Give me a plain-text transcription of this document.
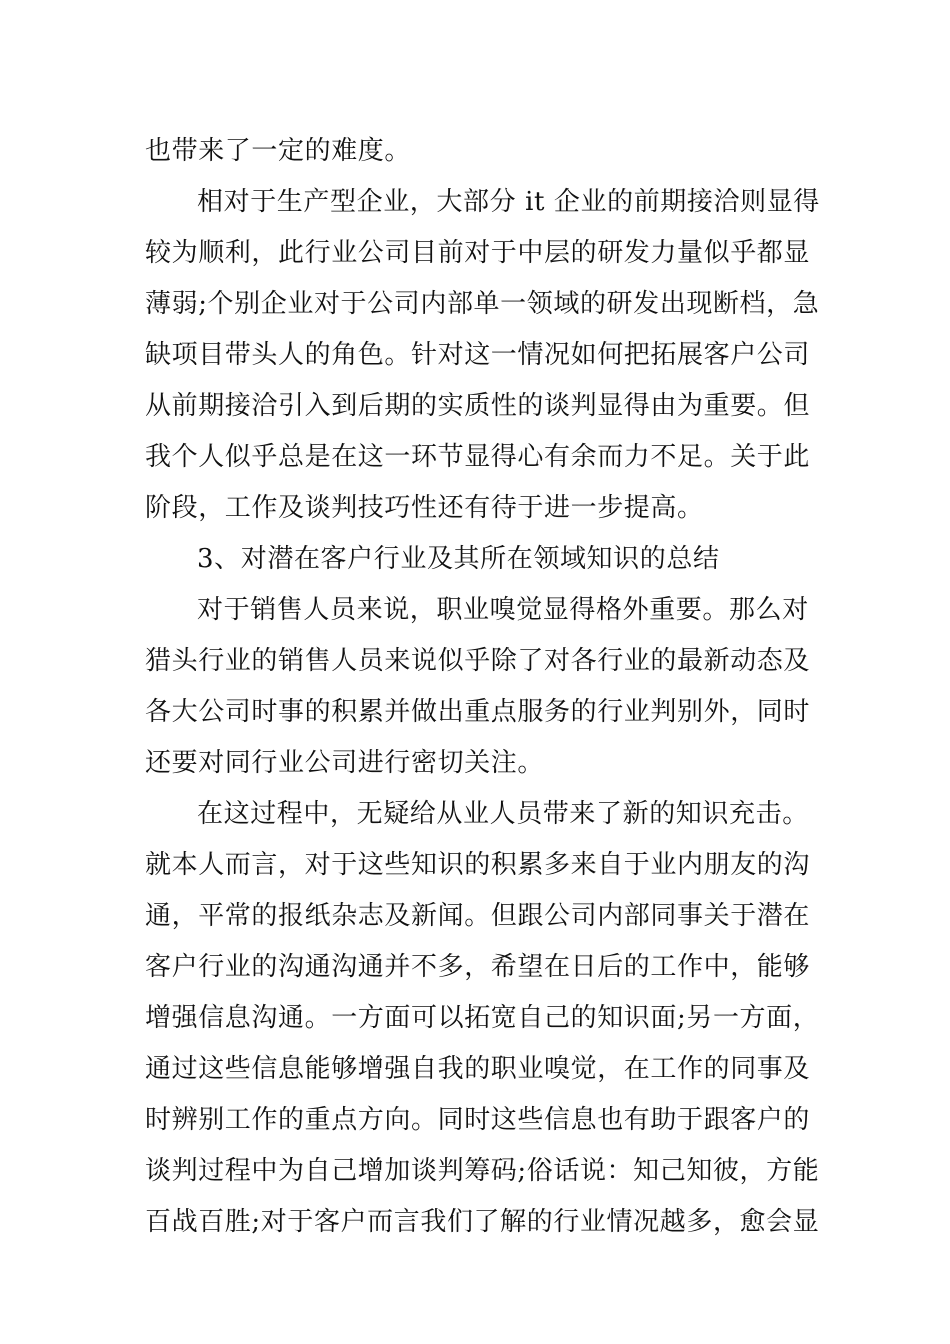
也带来了一定的难度。
相对于生产型企业，大部分 it 企业的前期接洽则显得
较为顺利，此行业公司目前对于中层的研发力量似乎都显
薄弱;个别企业对于公司内部单一领域的研发出现断档，急
缺项目带头人的角色。针对这一情况如何把拓展客户公司
从前期接洽引入到后期的实质性的谈判显得由为重要。但
我个人似乎总是在这一环节显得心有余而力不足。关于此
阶段，工作及谈判技巧性还有待于进一步提高。
3、对潜在客户行业及其所在领域知识的总结
对于销售人员来说，职业嗅觉显得格外重要。那么对
猎头行业的销售人员来说似乎除了对各行业的最新动态及
各大公司时事的积累并做出重点服务的行业判别外，同时
还要对同行业公司进行密切关注。
在这过程中，无疑给从业人员带来了新的知识充击。
就本人而言，对于这些知识的积累多来自于业内朋友的沟
通，平常的报纸杂志及新闻。但跟公司内部同事关于潜在
客户行业的沟通沟通并不多，希望在日后的工作中，能够
增强信息沟通。一方面可以拓宽自己的知识面;另一方面，
通过这些信息能够增强自我的职业嗅觉，在工作的同事及
时辨别工作的重点方向。同时这些信息也有助于跟客户的
谈判过程中为自己增加谈判筹码;俗话说：知己知彼，方能
百战百胜;对于客户而言我们了解的行业情况越多，愈会显
